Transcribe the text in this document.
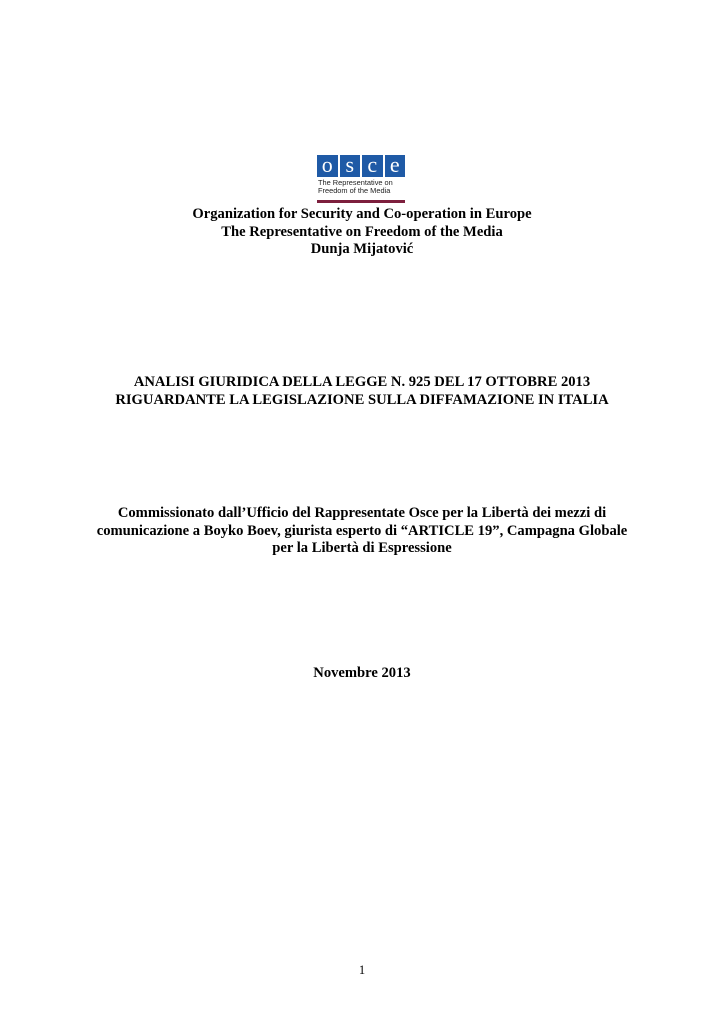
o s c e
The Representative on
Freedom of the Media
Organization for Security and Co-operation in Europe
The Representative on Freedom of the Media
Dunja Mijatović
ANALISI GIURIDICA DELLA LEGGE N. 925 DEL 17 OTTOBRE 2013
RIGUARDANTE LA LEGISLAZIONE SULLA DIFFAMAZIONE IN ITALIA
Commissionato dall’Ufficio del Rappresentate Osce per la Libertà dei mezzi di
comunicazione a Boyko Boev, giurista esperto di “ARTICLE 19”, Campagna Globale
per la Libertà di Espressione
Novembre 2013
1
